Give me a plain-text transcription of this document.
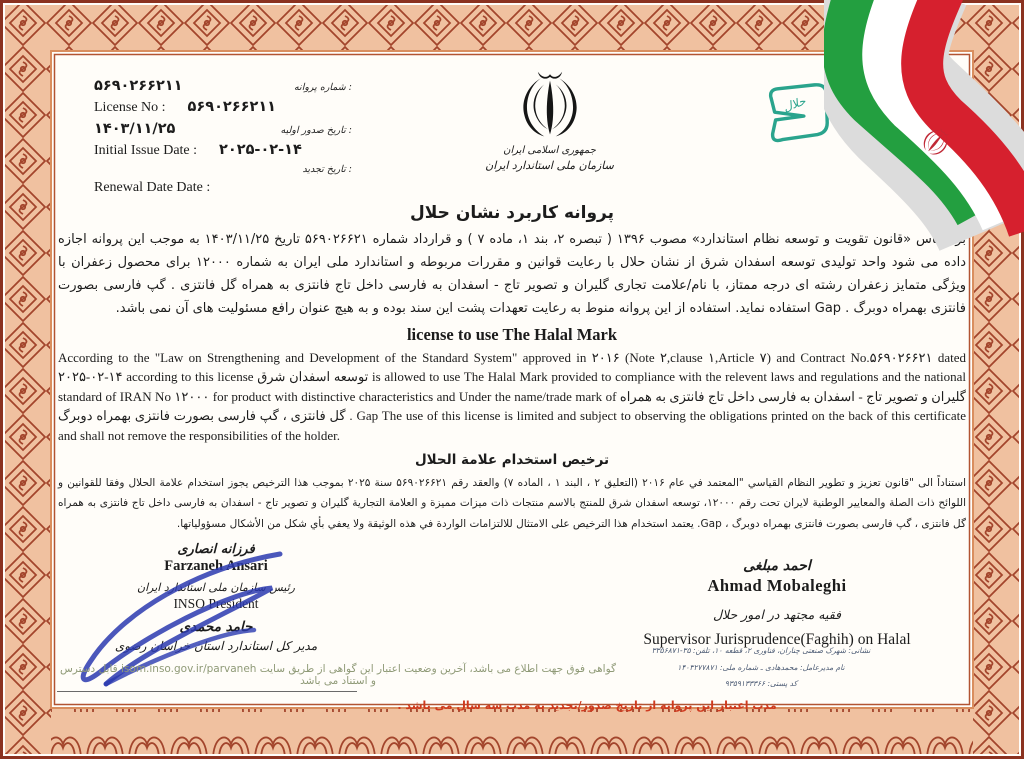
۵۶۹۰۲۶۶۲۱۱	شماره پروانه :
License No : ۵۶۹۰۲۶۶۲۱۱
۱۴۰۳/۱۱/۲۵	تاریخ صدور اولیه :
Initial Issue Date : ۲۰۲۵-۰۲-۱۴
تاریخ تجدید :
Renewal Date Date :
جمهوری اسلامی ایران
سازمان ملی استاندارد ایران
حلال
پروانه کاربرد نشان حلال

بر اساس «قانون تقویت و توسعه نظام استاندارد» مصوب ۱۳۹۶ ( تبصره ۲، بند ۱، ماده ۷ ) و قرارداد شماره ۵۶۹۰۲۶۶۲۱ تاریخ ۱۴۰۳/۱۱/۲۵ به موجب این پروانه اجازه داده می شود واحد تولیدی توسعه اسفدان شرق از نشان حلال با رعایت قوانین و مقررات مربوطه و استاندارد ملی ایران به شماره ۱۲۰۰۰ برای محصول زعفران با ویژگی متمایز زعفران رشته ای درجه ممتاز، با نام/علامت تجاری گلیران و تصویر تاج - اسفدان به فارسی داخل تاج فانتزی به همراه گل فانتزی . گپ فارسی بصورت فانتزی بهمراه دوبرگ . Gap استفاده نماید. استفاده از این پروانه منوط به رعایت تعهدات پشت این سند بوده و به هیچ عنوان رافع مسئولیت های آن نمی باشد.

license to use The Halal Mark

According to the "Law on Strengthening and Development of the Standard System" approved in ۲۰۱۶ (Note ۲,clause ۱,Article ۷) and Contract No.۵۶۹۰۲۶۶۲۱ dated ۲۰۲۵-۰۲-۱۴ according to this license توسعه اسفدان شرق is allowed to use The Halal Mark provided to compliance with the relevent laws and regulations and the national standard of IRAN No ۱۲۰۰۰ for product with distinctive characteristics and Under the name/trade mark of گلیران و تصویر تاج - اسفدان به فارسی داخل تاج فانتزی به همراه گل فانتزی ، گپ فارسی بصورت فانتزی بهمراه دوبرگ . Gap The use of this license is limited and subject to observing the obligations printed on the back of this certificate and shall not remove the responsibilities of the holder.

ترخيص استخدام علامة الحلال

استناداً الى "قانون تعزيز و تطوير النظام القياسي "المعتمد في عام ۲۰۱۶ (التعليق ۲ ، البند ۱ ، الماده ۷) والعقد رقم ۵۶۹۰۲۶۶۲۱ سنة ۲۰۲۵ بموجب هذا الترخيص يجوز استخدام علامة الحلال وفقا للقوانين و اللوائح ذات الصلة والمعايير الوطنية لايران تحت رقم ۱۲۰۰۰، توسعه اسفدان شرق للمنتج بالاسم منتجات ذات ميزات مميزة و العلامة التجارية گلیران و تصویر تاج - اسفدان به فارسی داخل تاج فانتزی به همراه گل فانتزی ، گپ فارسی بصورت فانتزی بهمراه دوبرگ ، Gap. يعتمد استخدام هذا الترخيص على الامتثال للالتزامات الواردة في هذه الوثيقة ولا يعفي بأي شكل من الأشكال مسؤولياتها.

فرزانه انصاری
Farzaneh Ansari
رئیس سازمان ملی استاندارد ایران
INSO President
حامد محمدی
مدیر کل استاندارد استان خراسان رضوی
احمد مبلغی
Ahmad Mobaleghi
فقیه مجتهد در امور حلال
Supervisor Jurisprudence(Faghih) on Halal
نشانی: شهرک صنعتی چناران، فناوری ۲، قطعه ۱۰، تلفن: ۳۵-۳۳۵۶۸۷۱
نام مدیرعامل: محمدهادی ـ شماره ملی: ۱۴۰۳۲۷۷۸۷۱
کد پستی: ۹۳۵۹۱۳۳۳۶۶
گواهی فوق جهت اطلاع می باشد، آخرین وضعیت اعتبار این گواهی از طریق سایت isom.inso.gov.ir/parvaneh قابل دسترس و استناد می باشد
مدت اعتبار این پروانه از تاریخ صدور/تجدید به مدت سه سال می باشد .
